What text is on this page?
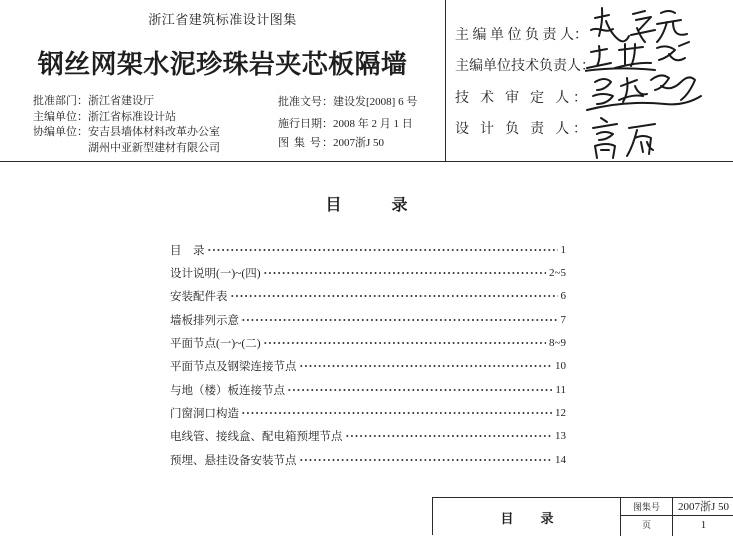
浙江省建筑标准设计图集
钢丝网架水泥珍珠岩夹芯板隔墙
批准部门：浙江省建设厅
主编单位：浙江省标准设计站
协编单位：安吉县墙体材料改革办公室
湖州中亚新型建材有限公司
批准文号：建设发[2008] 6 号
施行日期：2008 年 2 月 1 日
图 集 号：2007浙J 50
主 编 单 位 负 责 人：
主编单位技术负责人：
技 术 审 定 人：
设 计 负 责 人：
目　录
目　录	1
设计说明(一)~(四)	2~5
安装配件表	6
墙板排列示意	7
平面节点(一)~(二)	8~9
平面节点及钢梁连接节点	10
与地（楼）板连接节点	11
门窗洞口构造	12
电线管、接线盒、配电箱预埋节点	13
预埋、悬挂设备安装节点	14
目　录
图集号	2007浙J 50
页	1
